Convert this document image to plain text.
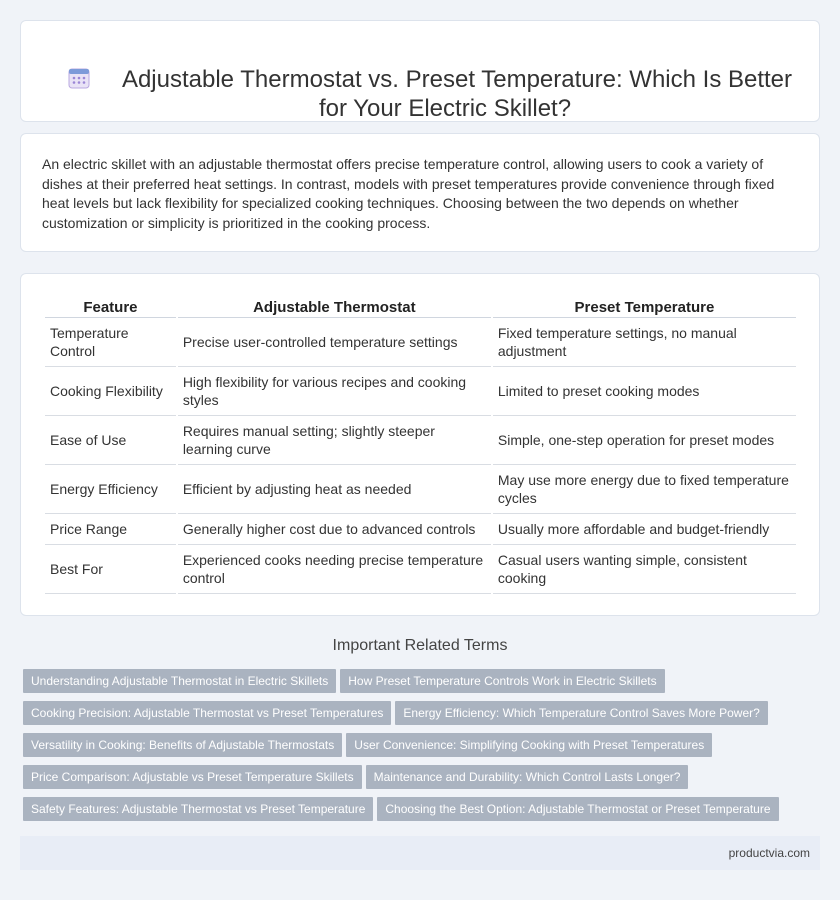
Adjustable Thermostat vs. Preset Temperature: Which Is Better for Your Electric Skillet?

An electric skillet with an adjustable thermostat offers precise temperature control, allowing users to cook a variety of dishes at their preferred heat settings. In contrast, models with preset temperatures provide convenience through fixed heat levels but lack flexibility for specialized cooking techniques. Choosing between the two depends on whether customization or simplicity is prioritized in the cooking process.

Feature	Adjustable Thermostat	Preset Temperature
Temperature Control	Precise user-controlled temperature settings	Fixed temperature settings, no manual adjustment
Cooking Flexibility	High flexibility for various recipes and cooking styles	Limited to preset cooking modes
Ease of Use	Requires manual setting; slightly steeper learning curve	Simple, one-step operation for preset modes
Energy Efficiency	Efficient by adjusting heat as needed	May use more energy due to fixed temperature cycles
Price Range	Generally higher cost due to advanced controls	Usually more affordable and budget-friendly
Best For	Experienced cooks needing precise temperature control	Casual users wanting simple, consistent cooking
Important Related Terms
Understanding Adjustable Thermostat in Electric Skillets How Preset Temperature Controls Work in Electric Skillets
Cooking Precision: Adjustable Thermostat vs Preset Temperatures Energy Efficiency: Which Temperature Control Saves More Power?
Versatility in Cooking: Benefits of Adjustable Thermostats User Convenience: Simplifying Cooking with Preset Temperatures
Price Comparison: Adjustable vs Preset Temperature Skillets Maintenance and Durability: Which Control Lasts Longer?
Safety Features: Adjustable Thermostat vs Preset Temperature Choosing the Best Option: Adjustable Thermostat or Preset Temperature
productvia.com
